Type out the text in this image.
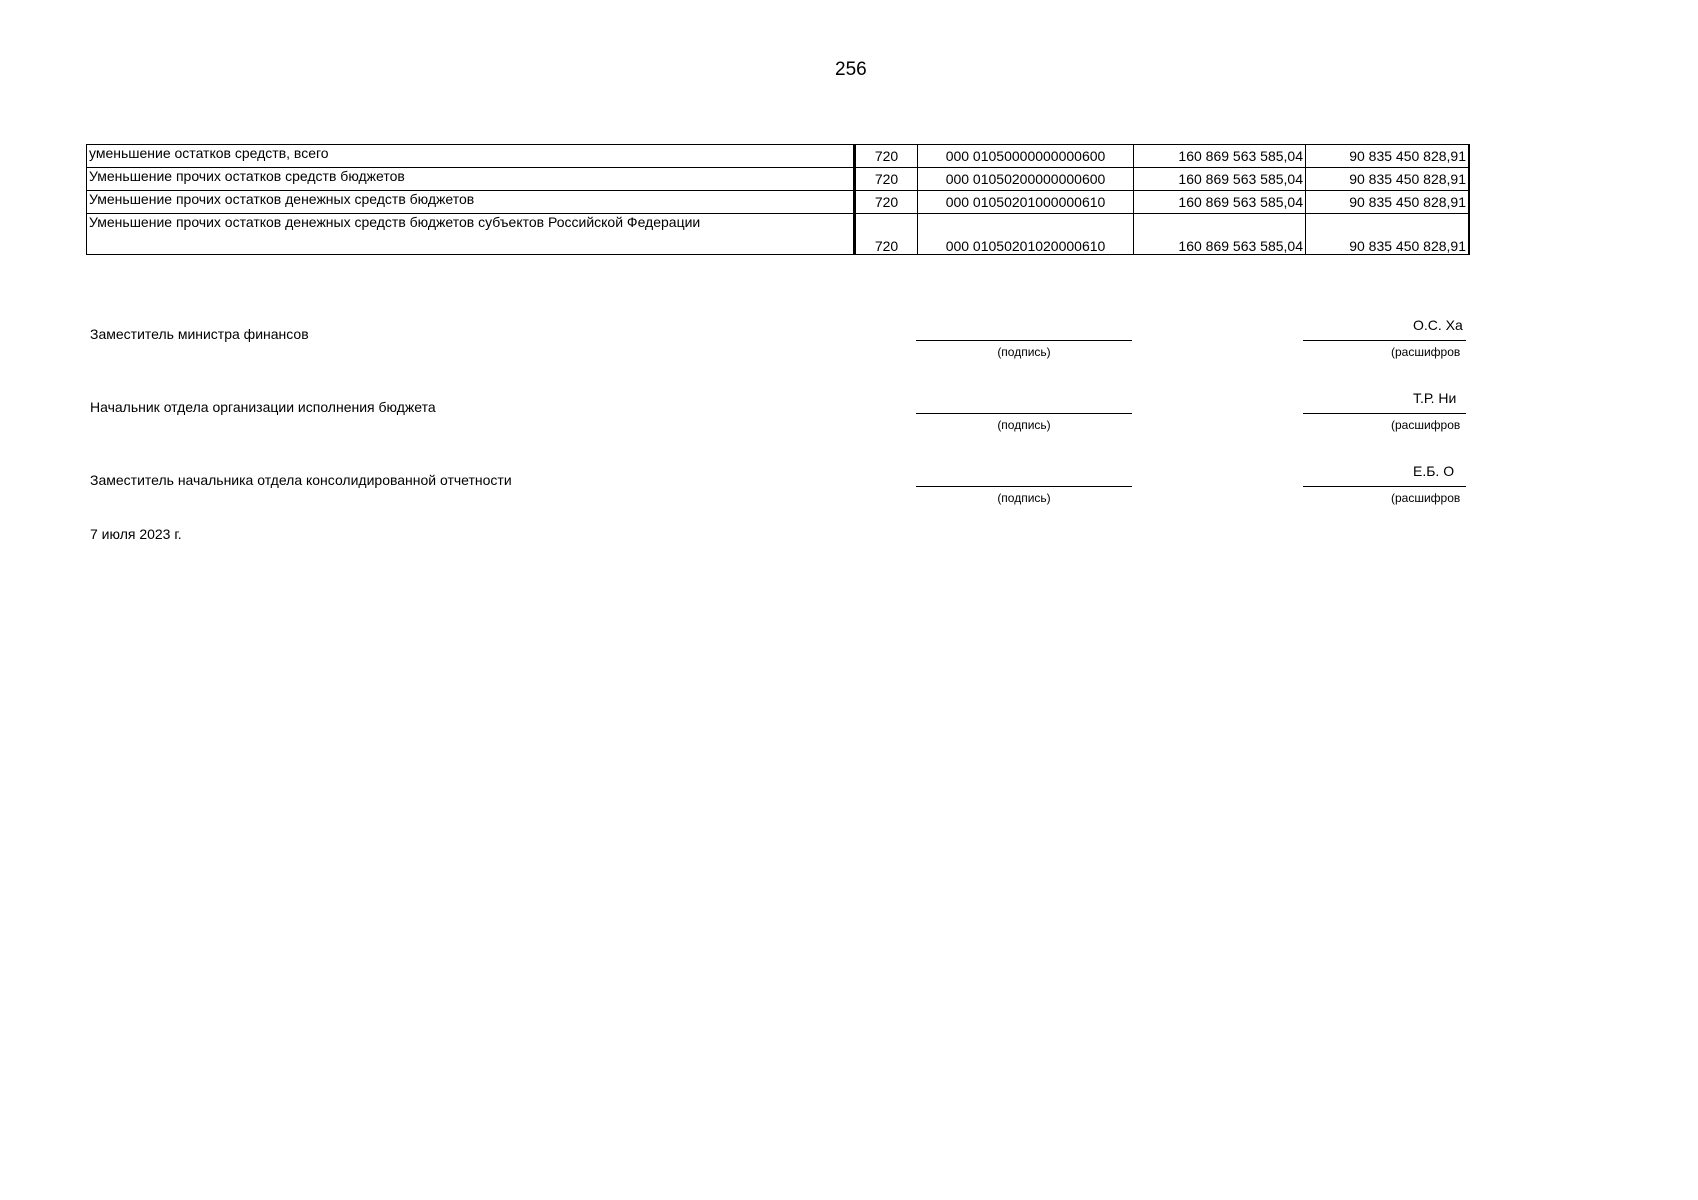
256
уменьшение остатков средств, всего	720	000 01050000000000600	160 869 563 585,04	90 835 450 828,91
Уменьшение прочих остатков средств бюджетов	720	000 01050200000000600	160 869 563 585,04	90 835 450 828,91
Уменьшение прочих остатков денежных средств бюджетов	720	000 01050201000000610	160 869 563 585,04	90 835 450 828,91
Уменьшение прочих остатков денежных средств бюджетов субъектов Российской Федерации	720	000 01050201020000610	160 869 563 585,04	90 835 450 828,91
Заместитель министра финансов
(подпись)
О.С. Ха
(расшифров
Начальник отдела организации исполнения бюджета
(подпись)
Т.Р. Ни
(расшифров
Заместитель начальника отдела консолидированной отчетности
(подпись)
Е.Б. О
(расшифров
7 июля 2023 г.
